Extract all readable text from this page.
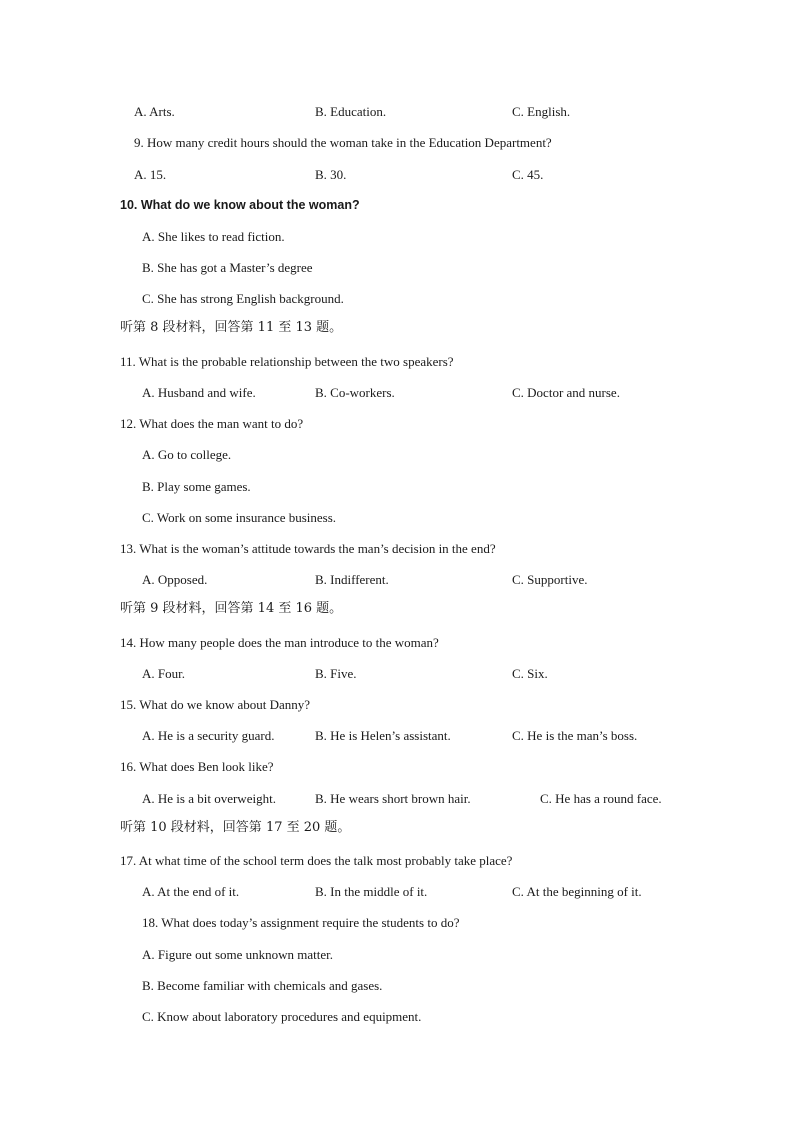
A. Arts.	B. Education.	C. English.
9. How many credit hours should the woman take in the Education Department?
A. 15.	B. 30.	C. 45.
10. What do we know about the woman?
A. She likes to read fiction.
B. She has got a Master’s degree
C. She has strong English background.
听第 8 段材料，回答第 11 至 13 题。
11. What is the probable relationship between the two speakers?
A. Husband and wife.	B. Co-workers.	C. Doctor and nurse.
12. What does the man want to do?
A. Go to college.
B. Play some games.
C. Work on some insurance business.
13. What is the woman’s attitude towards the man’s decision in the end?
A. Opposed.	B. Indifferent.	C. Supportive.
听第 9 段材料，回答第 14 至 16 题。
14. How many people does the man introduce to the woman?
A. Four.	B. Five.	C. Six.
15. What do we know about Danny?
A. He is a security guard.	B. He is Helen’s assistant.	C. He is the man’s boss.
16. What does Ben look like?
A. He is a bit overweight.	B. He wears short brown hair.	C. He has a round face.
听第 10 段材料，回答第 17 至 20 题。
17. At what time of the school term does the talk most probably take place?
A. At the end of it.	B. In the middle of it.	C. At the beginning of it.
18. What does today’s assignment require the students to do?
A. Figure out some unknown matter.
B. Become familiar with chemicals and gases.
C. Know about laboratory procedures and equipment.
